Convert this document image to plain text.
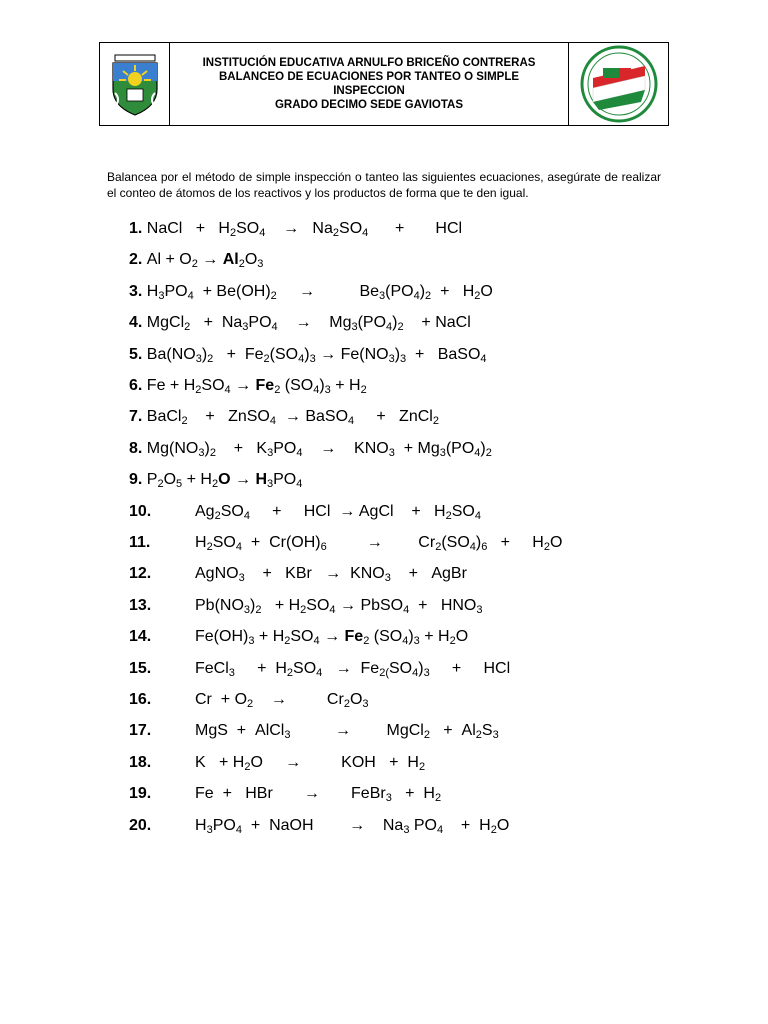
INSTITUCIÓN EDUCATIVA ARNULFO BRICEÑO CONTRERAS
BALANCEO DE ECUACIONES POR TANTEO O SIMPLE
INSPECCION
GRADO DECIMO SEDE GAVIOTAS
Balancea por el método de simple inspección o tanteo las siguientes ecuaciones, asegúrate de realizar el conteo de átomos de los reactivos y los productos de forma que te den igual.
1. NaCl   +   $H_2SO_4$    →   $Na_2SO_4$      +       HCl
2. $Al + O_2 \to Al_2O_3$
3. $H_3PO_4 + Be(OH)_2$     →          $Be_3(PO_4)_2 + H_2O$
4. MgCl$_2$   +  $Na_3PO_4$    →    $Mg_3(PO_4)_2$    + NaCl
5. $Ba(NO_3)_2 + Fe_2(SO_4)_3 \to Fe(NO_3)_3$  +   BaSO$_4$
6. $Fe + H_2SO_4 \to Fe_2$ $(SO_4)_3 + H_2$
7. BaCl$_2$    +   ZnSO$_4$  → BaSO$_4$     +   ZnCl$_2$
8. $Mg(NO_3)_2$    +   $K_3PO_4$    →    $KNO_3 + Mg_3(PO_4)_2$
9. $P_2O_5 + H_2O \to H_3PO_4$
10.	$Ag_2SO_4$     +     HCl  → AgCl    +   $H_2SO_4$
11.	$H_2SO_4 + Cr(OH)_6$         →        $Cr_2(SO_4)_6$   +     $H_2O$
12.	AgNO$_3$    +   KBr   →  $KNO_3$    +   AgBr
13.	$Pb(NO_3)_2 + H_2SO_4$ → PbSO$_4$  +   $HNO_3$
14.	$Fe(OH)_3 + H_2SO_4 \to Fe_2$ $(SO_4)_3 + H_2O$
15.	FeCl$_3$     +  $H_2SO_4 \to Fe_{2(}SO_4)_3$     +     HCl
16.	$Cr + O_2$    →         $Cr_2O_3$
17.	MgS  +  AlCl$_3$          →        MgCl$_2$   +  $Al_2S_3$
18.	$K + H_2O$     →         KOH   +  $H_2$
19.	Fe  +   HBr       →       FeBr$_3$   +  $H_2$
20.	$H_3PO_4$  +  NaOH        →    $Na_3$ $PO_4$    +  $H_2O$
